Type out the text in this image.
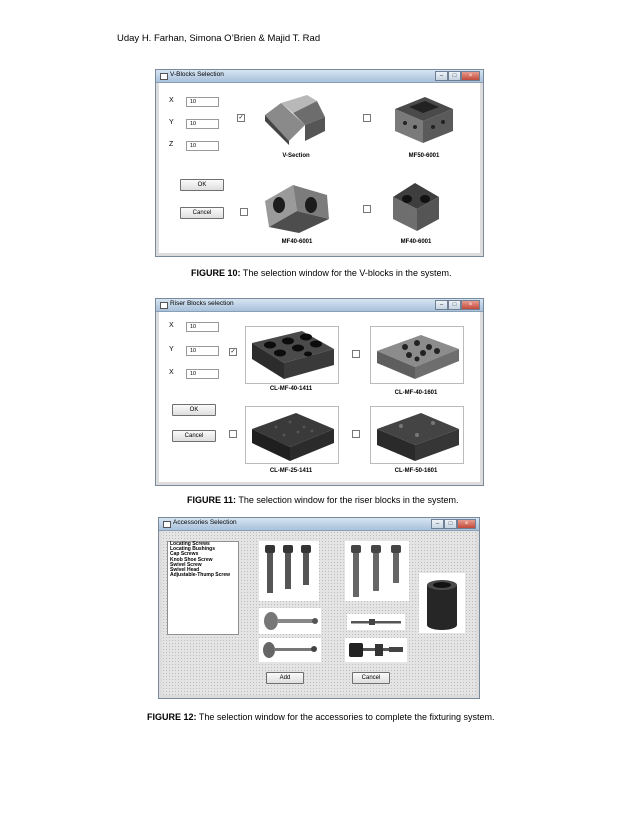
Uday H. Farhan, Simona O’Brien & Majid T. Rad
V-Blocks Selection	–	□	×
X	10
Y	10
Z	10
✓
OK
Cancel
V-Section	MF50-6001
MF40-6001	MF40-6001
FIGURE 10: The selection window for the V-blocks in the system.
Riser Blocks selection	–	□	×
X	10
Y	10
X	10
✓
OK
Cancel
CL-MF-40-1411
CL-MF-40-1601
CL-MF-25-1411	CL-MF-50-1601
FIGURE 11: The selection window for the riser blocks in the system.
Accessories Selection	–	□	×
Locating Screws
Locating Bushings
Cap Screws
Knob Shoe Screw
Swivel Screw
Swivel Head
Adjustable-Thump Screw
Add	Cancel
FIGURE 12: The selection window for the accessories to complete the fixturing system.
